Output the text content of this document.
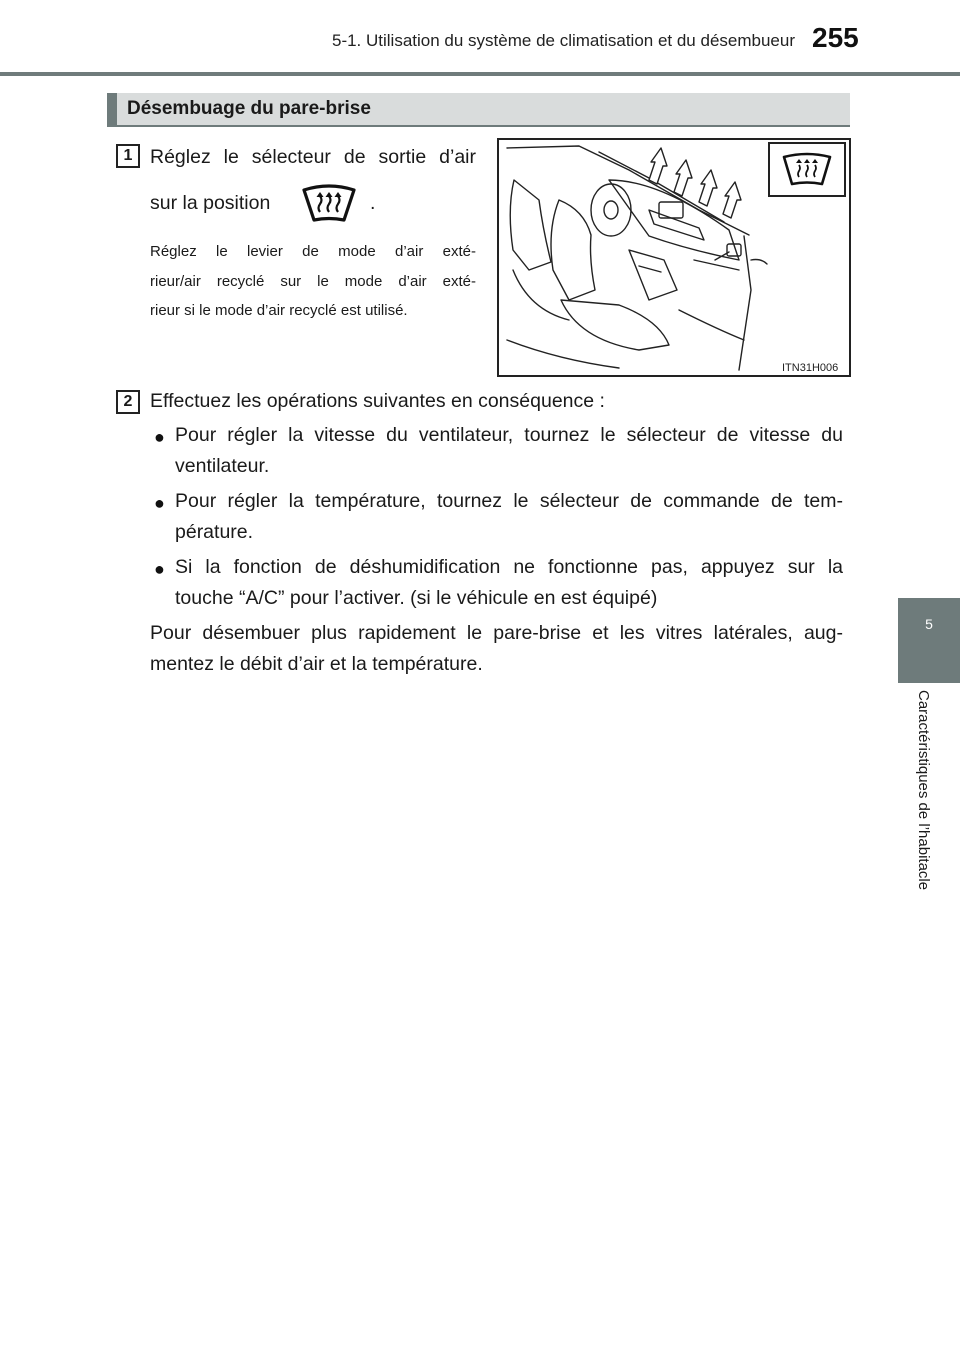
5-1. Utilisation du système de climatisation et du désembueur 255
5
Caractéristiques de l’habitacle
Désembuage du pare-brise
1 Réglez le sélecteur de sortie d’air
sur la position	.
Réglez le levier de mode d’air exté-
rieur/air recyclé sur le mode d’air exté-
rieur si le mode d’air recyclé est utilisé.
ITN31H006
2 Effectuez les opérations suivantes en conséquence :
● Pour régler la vitesse du ventilateur, tournez le sélecteur de vitesse du
ventilateur.
● Pour régler la température, tournez le sélecteur de commande de tem-
pérature.
● Si la fonction de déshumidification ne fonctionne pas, appuyez sur la
touche “A/C” pour l’activer. (si le véhicule en est équipé)
Pour désembuer plus rapidement le pare-brise et les vitres latérales, aug-
mentez le débit d’air et la température.
